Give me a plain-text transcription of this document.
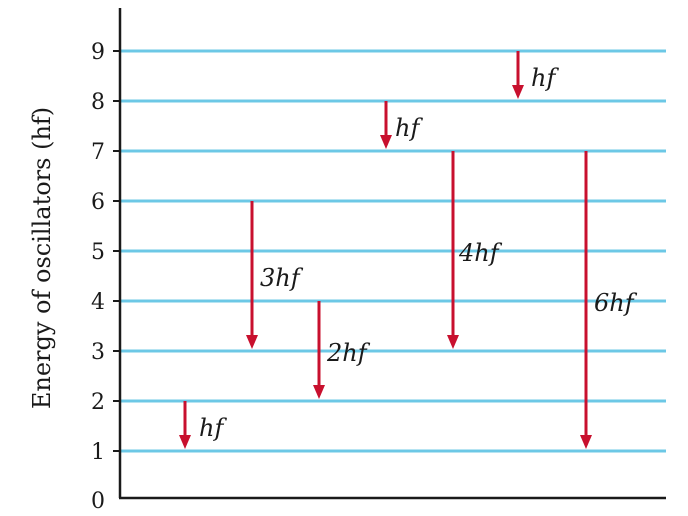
0
1
2
3
4
5
6
7
8
9
hf
3hf
2hf
hf
4hf
hf
6hf
Energy of oscillators (hf)
